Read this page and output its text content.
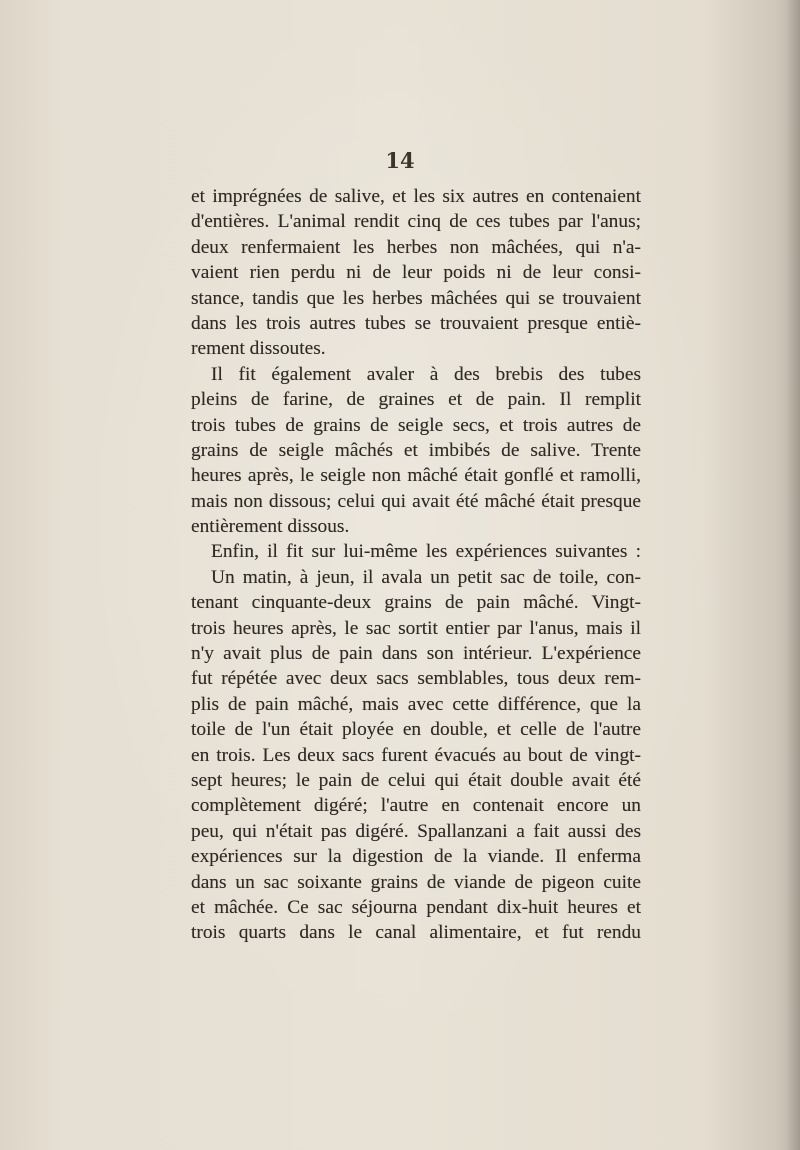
14
et imprégnées de salive, et les six autres en contenaient
d'entières. L'animal rendit cinq de ces tubes par l'anus;
deux renfermaient les herbes non mâchées, qui n'a-
vaient rien perdu ni de leur poids ni de leur consi-
stance, tandis que les herbes mâchées qui se trouvaient
dans les trois autres tubes se trouvaient presque entiè-
rement dissoutes.
Il fit également avaler à des brebis des tubes
pleins de farine, de graines et de pain. Il remplit
trois tubes de grains de seigle secs, et trois autres de
grains de seigle mâchés et imbibés de salive. Trente
heures après, le seigle non mâché était gonflé et ramolli,
mais non dissous; celui qui avait été mâché était presque
entièrement dissous.
Enfin, il fit sur lui-même les expériences suivantes :
Un matin, à jeun, il avala un petit sac de toile, con-
tenant cinquante-deux grains de pain mâché. Vingt-
trois heures après, le sac sortit entier par l'anus, mais il
n'y avait plus de pain dans son intérieur. L'expérience
fut répétée avec deux sacs semblables, tous deux rem-
plis de pain mâché, mais avec cette différence, que la
toile de l'un était ployée en double, et celle de l'autre
en trois. Les deux sacs furent évacués au bout de vingt-
sept heures; le pain de celui qui était double avait été
complètement digéré; l'autre en contenait encore un
peu, qui n'était pas digéré. Spallanzani a fait aussi des
expériences sur la digestion de la viande. Il enferma
dans un sac soixante grains de viande de pigeon cuite
et mâchée. Ce sac séjourna pendant dix-huit heures et
trois quarts dans le canal alimentaire, et fut rendu
